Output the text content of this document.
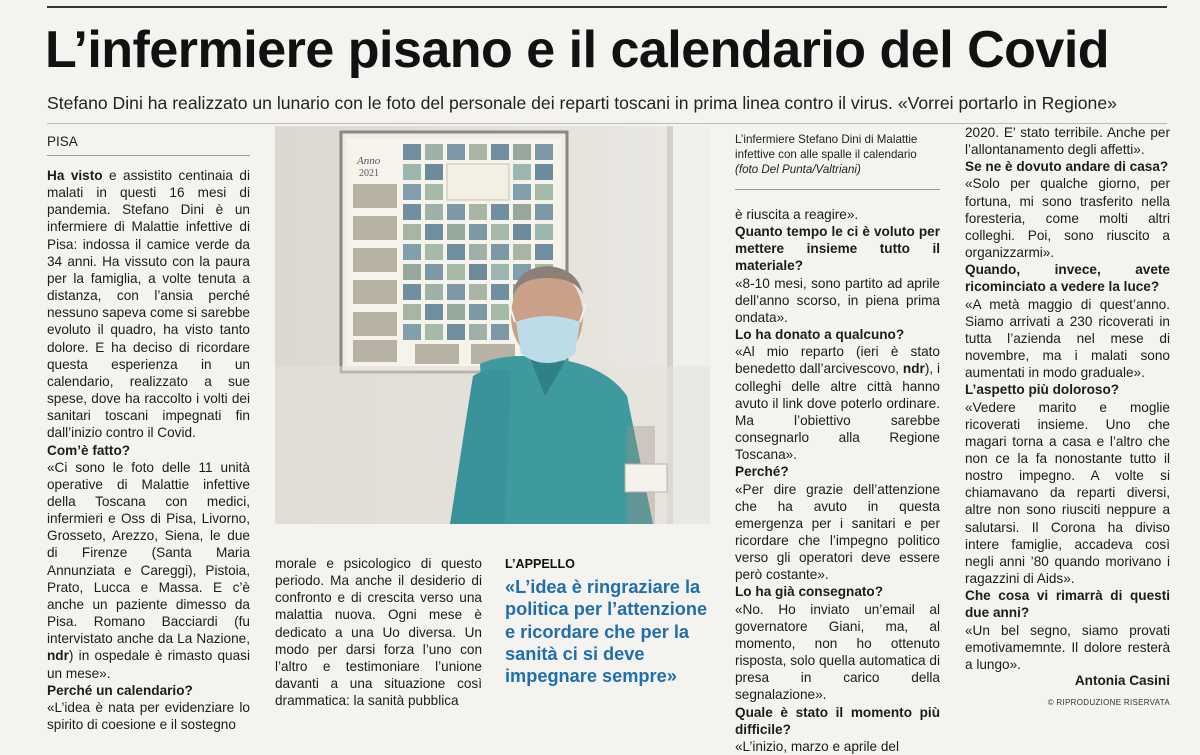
L’infermiere pisano e il calendario del Covid
Stefano Dini ha realizzato un lunario con le foto del personale dei reparti toscani in prima linea contro il virus. «Vorrei portarlo in Regione»
PISA

Ha visto e assistito centinaia di malati in questi 16 mesi di pandemia. Stefano Dini è un infermiere di Malattie infettive di Pisa: indossa il camice verde da 34 anni. Ha vissuto con la paura per la famiglia, a volte tenuta a distanza, con l’ansia perché nessuno sapeva come si sarebbe evoluto il quadro, ha visto tanto dolore. E ha deciso di ricordare questa esperienza in un calendario, realizzato a sue spese, dove ha raccolto i volti dei sanitari toscani impegnati fin dall’inizio contro il Covid.

Com’è fatto?

«Ci sono le foto delle 11 unità operative di Malattie infettive della Toscana con medici, infermieri e Oss di Pisa, Livorno, Grosseto, Arezzo, Siena, le due di Firenze (Santa Maria Annunziata e Careggi), Pistoia, Prato, Lucca e Massa. E c’è anche un paziente dimesso da Pisa. Romano Bacciardi (fu intervistato anche da La Nazione, ndr) in ospedale è rimasto quasi un mese».

Perché un calendario?

«L’idea è nata per evidenziare lo spirito di coesione e il sostegno

Anno
2021
L’infermiere Stefano Dini di Malattie infettive con alle spalle il calendario (foto Del Punta/Valtriani)

morale e psicologico di questo periodo. Ma anche il desiderio di confronto e di crescita verso una malattia nuova. Ogni mese è dedicato a una Uo diversa. Un modo per darsi forza l’uno con l’altro e testimoniare l’unione davanti a una situazione così drammatica: la sanità pubblica

L’APPELLO
«L’idea è ringraziare la politica per l’attenzione e ricordare che per la sanità ci si deve impegnare sempre»

è riuscita a reagire».

Quanto tempo le ci è voluto per mettere insieme tutto il materiale?

«8-10 mesi, sono partito ad aprile dell’anno scorso, in piena prima ondata».

Lo ha donato a qualcuno?

«Al mio reparto (ieri è stato benedetto dall’arcivescovo, ndr), i colleghi delle altre città hanno avuto il link dove poterlo ordinare. Ma l’obiettivo sarebbe consegnarlo alla Regione Toscana».

Perché?

«Per dire grazie dell’attenzione che ha avuto in questa emergenza per i sanitari e per ricordare che l’impegno politico verso gli operatori deve essere però costante».

Lo ha già consegnato?

«No. Ho inviato un’email al governatore Giani, ma, al momento, non ho ottenuto risposta, solo quella automatica di presa in carico della segnalazione».

Quale è stato il momento più difficile?

«L’inizio, marzo e aprile del

2020. E’ stato terribile. Anche per l’allontanamento degli affetti».

Se ne è dovuto andare di casa?

«Solo per qualche giorno, per fortuna, mi sono trasferito nella foresteria, come molti altri colleghi. Poi, sono riuscito a organizzarmi».

Quando, invece, avete ricominciato a vedere la luce?

«A metà maggio di quest’anno. Siamo arrivati a 230 ricoverati in tutta l’azienda nel mese di novembre, ma i malati sono aumentati in modo graduale».

L’aspetto più doloroso?

«Vedere marito e moglie ricoverati insieme. Uno che magari torna a casa e l’altro che non ce la fa nonostante tutto il nostro impegno. A volte si chiamavano da reparti diversi, altre non sono riusciti neppure a salutarsi. Il Corona ha diviso intere famiglie, accadeva così negli anni ’80 quando morivano i ragazzini di Aids».

Che cosa vi rimarrà di questi due anni?

«Un bel segno, siamo provati emotivamemnte. Il dolore resterà a lungo».

Antonia Casini
© RIPRODUZIONE RISERVATA
